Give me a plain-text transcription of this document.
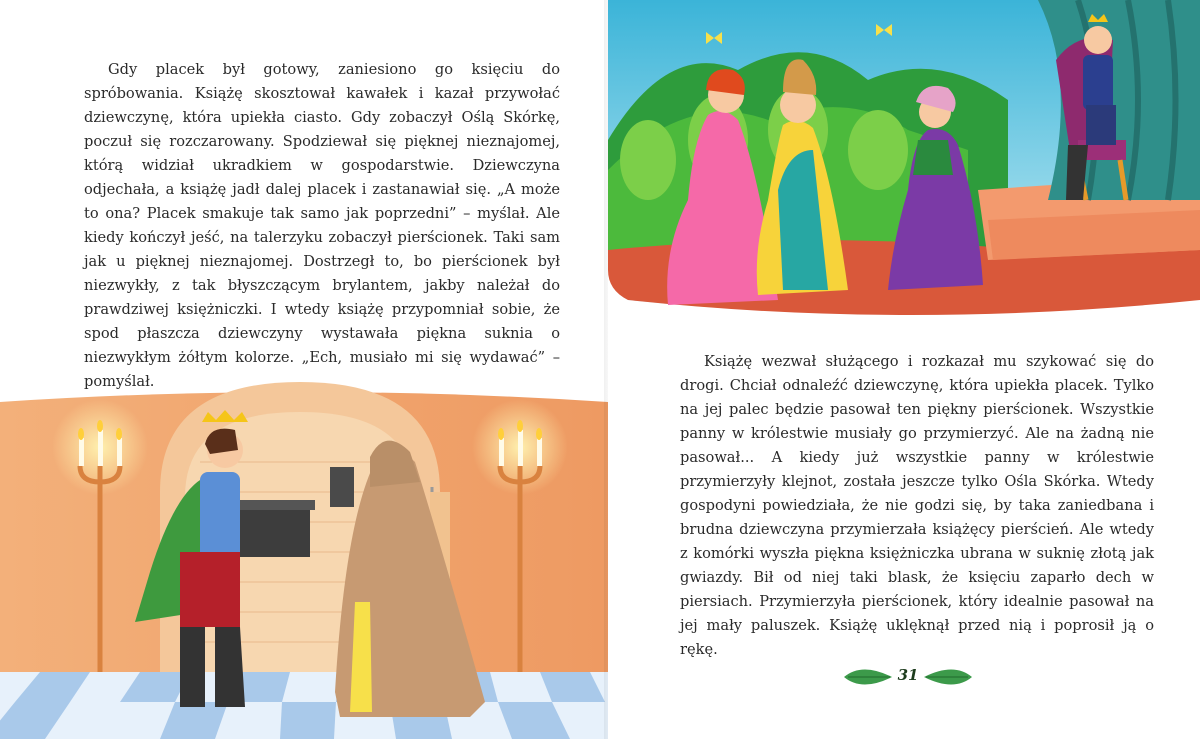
Gdy placek był gotowy, zaniesiono go księciu do spróbowania. Książę skosztował kawałek i kazał przywołać dziewczynę, która upiekła ciasto. Gdy zobaczył Oślą Skórkę, poczuł się rozczarowany. Spodziewał się pięknej nieznajomej, którą widział ukradkiem w gospodarstwie. Dziewczyna odjechała, a książę jadł dalej placek i zastanawiał się. „A może to ona? Placek smakuje tak samo jak poprzedni” – myślał. Ale kiedy kończył jeść, na talerzyku zobaczył pierścionek. Taki sam jak u pięknej nieznajomej. Dostrzegł to, bo pierścionek był niezwykły, z tak błyszczącym brylantem, jakby należał do prawdziwej księżniczki. I wtedy książę przypomniał sobie, że spod płaszcza dziewczyny wystawała piękna suknia o niezwykłym żółtym kolorze. „Ech, musiało mi się wydawać” – pomyślał.

Książę wezwał służącego i rozkazał mu szykować się do drogi. Chciał odnaleźć dziewczynę, która upiekła placek. Tylko na jej palec będzie pasował ten piękny pierścionek. Wszystkie panny w królestwie musiały go przymierzyć. Ale na żadną nie pasował... A kiedy już wszystkie panny w królestwie przymierzyły klejnot, została jeszcze tylko Ośla Skórka. Wtedy gospodyni powiedziała, że nie godzi się, by taka zaniedbana i brudna dziewczyna przymierzała książęcy pierścień. Ale wtedy z komórki wyszła piękna księżniczka ubrana w suknię złotą jak gwiazdy. Bił od niej taki blask, że księciu zaparło dech w piersiach. Przymierzyła pierścionek, który idealnie pasował na jej mały paluszek. Książę uklęknął przed nią i poprosił ją o rękę.

31
